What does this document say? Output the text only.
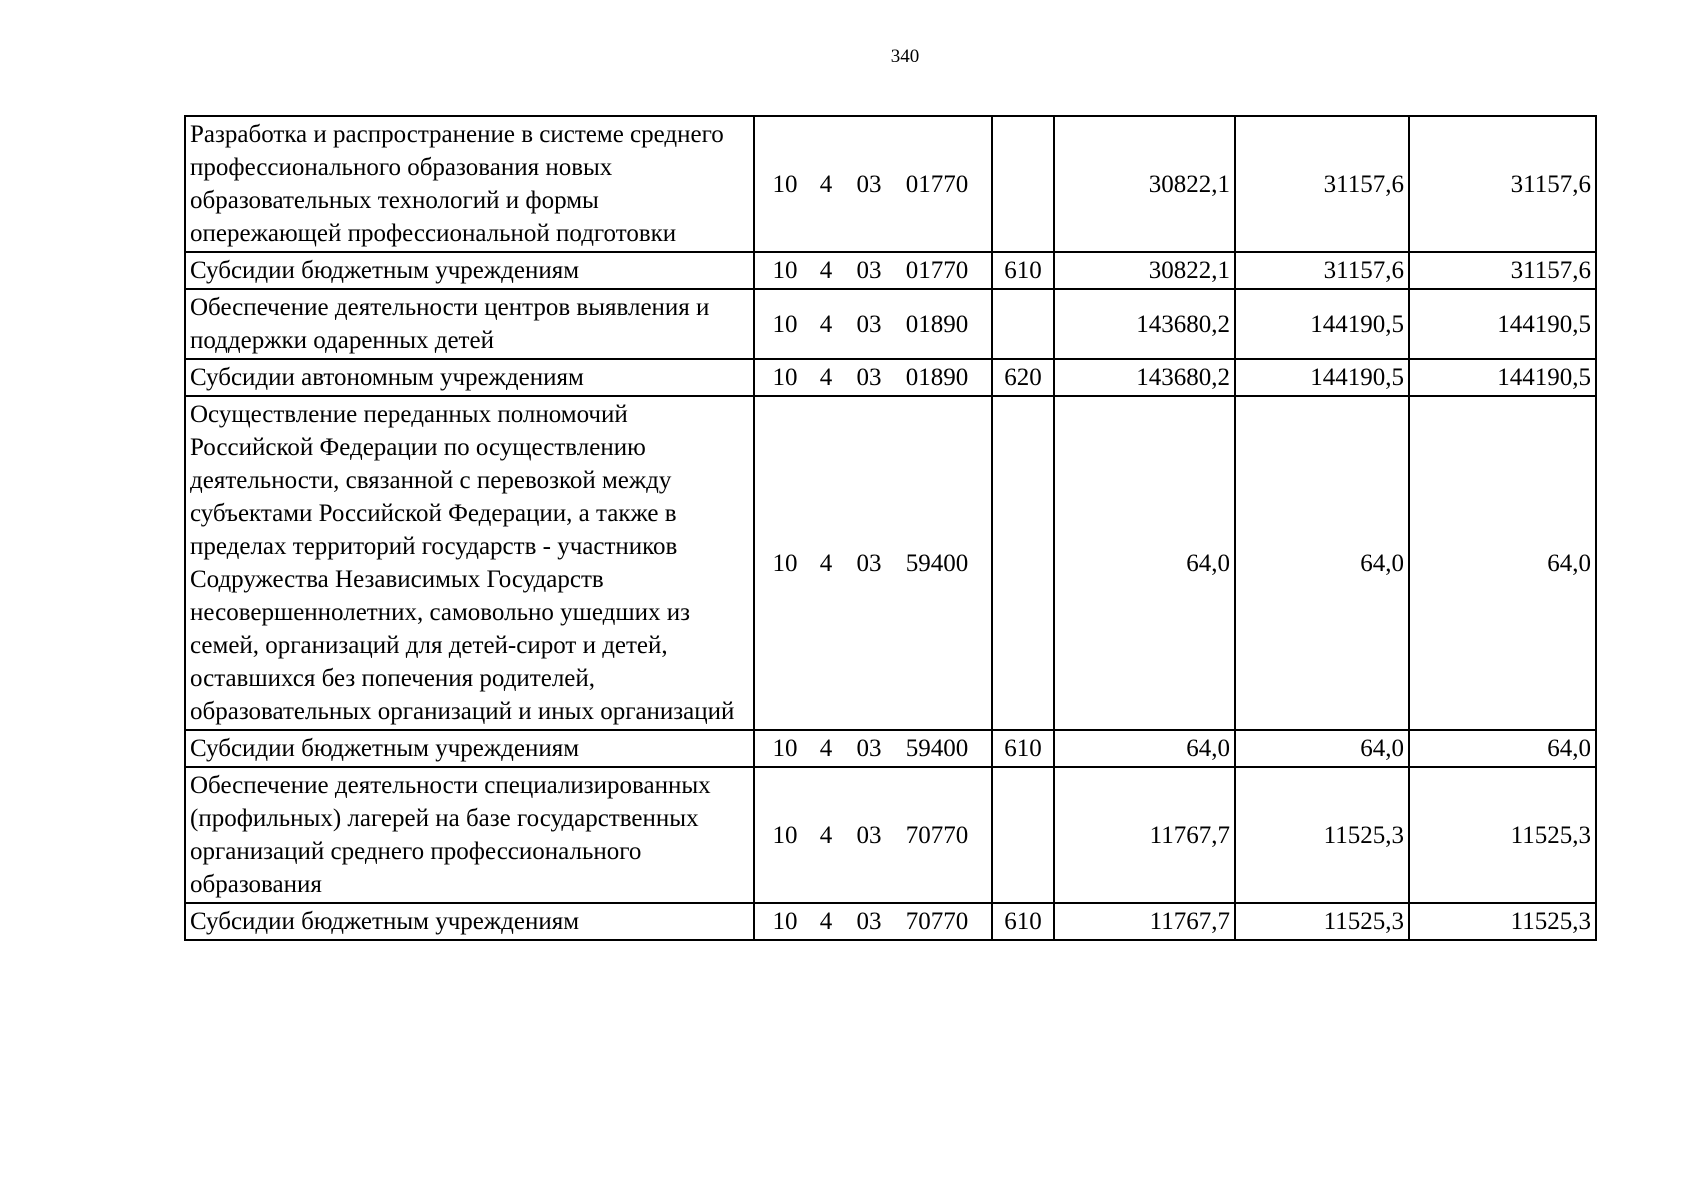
340
Разработка и распространение в системе среднего профессионального образования новых образовательных технологий и формы опережающей профессиональной подготовки	10 4 03 01770		30822,1	31157,6	31157,6
Субсидии бюджетным учреждениям	10 4 03 01770	610	30822,1	31157,6	31157,6
Обеспечение деятельности центров выявления и поддержки одаренных детей	10 4 03 01890		143680,2	144190,5	144190,5
Субсидии автономным учреждениям	10 4 03 01890	620	143680,2	144190,5	144190,5
Осуществление переданных полномочий Российской Федерации по осуществлению деятельности, связанной с перевозкой между субъектами Российской Федерации, а также в пределах территорий государств - участников Содружества Независимых Государств несовершеннолетних, самовольно ушедших из семей, организаций для детей-сирот и детей, оставшихся без попечения родителей, образовательных организаций и иных организаций	10 4 03 59400		64,0	64,0	64,0
Субсидии бюджетным учреждениям	10 4 03 59400	610	64,0	64,0	64,0
Обеспечение деятельности специализированных (профильных) лагерей на базе государственных организаций среднего профессионального образования	10 4 03 70770		11767,7	11525,3	11525,3
Субсидии бюджетным учреждениям	10 4 03 70770	610	11767,7	11525,3	11525,3
